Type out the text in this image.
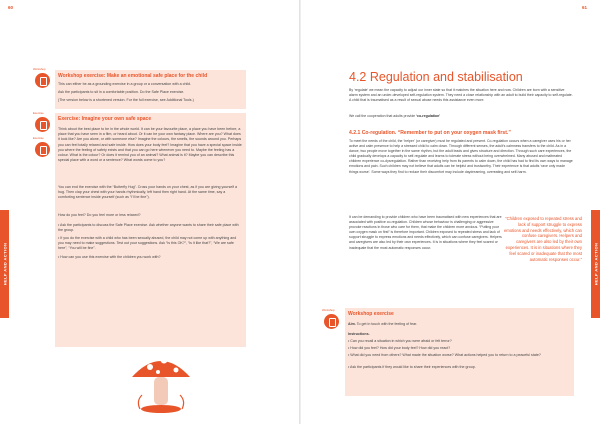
60
HELP AND ACTION
Workshop
Workshop exercise: Make an emotional safe place for the child
This can either be as a grounding exercise in a group or a conversation with a child.
Ask the participants to sit in a comfortable position. Do the Safe Place exercise.
(The version below is a shortened version. For the full exercise, see Additional Tools.)
Exercise
Exercise
Exercise: Imagine your own safe space
Think about the best place to be in the whole world. It can be your favourite place, a place you have been before, a place that you have seen in a film, or heard about. Or it can be your own fantasy place. Where are you? What does it look like? Are you alone, or with someone else? Imagine the colours, the smells, the sounds around you. Perhaps you can feel totally relaxed and safe inside. How does your body feel? Imagine that you have a special space inside you where the feeling of safety exists and that you can go here whenever you need to. Maybe the feeling has a colour. What is the colour? Or does it remind you of an animal? What animal is it? Maybe you can describe this special place with a word or a sentence? What words come to you?
You can end the exercise with the “Butterfly Hug”. Cross your hands on your chest, as if you are giving yourself a hug. Then clap your chest with your hands rhythmically, left hand then right hand. At the same time, say a comforting sentence inside yourself (such as “I’ll be fine”).
How do you feel? Do you feel more or less relaxed?
• Ask the participants to discuss the Safe Place exercise. Ask whether anyone wants to share their safe place with the group.
• If you do the exercise with a child who has been sexually abused, the child may not come up with anything and you may need to make suggestions. Test out your suggestions. Ask “Is this OK?”, “Is it like that?”, “We are safe here”, “You will be fine”.
• How can you use this exercise with the children you work with?
61
HELP AND ACTION
4.2 Regulation and stabilisation
By ‘regulate’ we mean the capacity to adjust our inner state so that it matches the situation here and now. Children are born with a sensitive alarm system and an under-developed self-regulation system. They need a close relationship with an adult to build their capacity to self-regulate. A child that is traumatised as a result of sexual abuse needs this assistance even more.
We call the cooperation that adults provide ‘co-regulation’
4.2.1 Co-regulation. “Remember to put on your oxygen mask first.”
To meet the needs of the child, the ‘helper’ (or caregiver) must be regulated and present. Co-regulation occurs when a caregiver uses his or her active and calm presence to help a stressed child to calm down. Through different senses, the adult’s calmness transfers to the child. As in a dance, two people move together in the same rhythm, but the adult leads and gives structure and direction. Through such care experiences, the child gradually develops a capacity to self-regulate and learns to tolerate stress without being overwhelmed. Many abused and maltreated children experience co-dysregulation. Rather than receiving help from its parents to calm down, the child has had to find its own ways to manage emotions and pain. Such children may not believe that adults can be helpful and trustworthy. Their experience is that adults ‘rave only made things worse’. Some ways they find to reduce their discomfort may include daydreaming, overeating and self-harm.
It can be demanding to provide children who have been traumatised with new experiences that are associated with positive co-regulation. Children whose behaviour is challenging or aggressive provoke reactions in those who care for them, that make the children more anxious. “Putting your own oxygen mask on first” is therefore important. Children exposed to repeated stress and lack of support struggle to express emotions and needs effectively, which can confuse caregivers. Helpers and caregivers are also led by their own experiences. It is in situations where they feel scared or inadequate that the most automatic responses occur.
“Children exposed to repeated stress and lack of support struggle to express emotions and needs effectively, which can confuse caregivers. Helpers and caregivers are also led by their own experiences. It is in situations where they feel scared or inadequate that the most automatic responses occur.”
Workshop
Workshop exercise
Aim. To get in touch with the feeling of fear.
Instructions.
• Can you recall a situation in which you were afraid or felt terror?
• How did you feel? How did your body feel? How did you react?
• What did you need from others? What made the situation worse? What actions helped you to return to a peaceful state?
• Ask the participants if they would like to share their experiences with the group.
